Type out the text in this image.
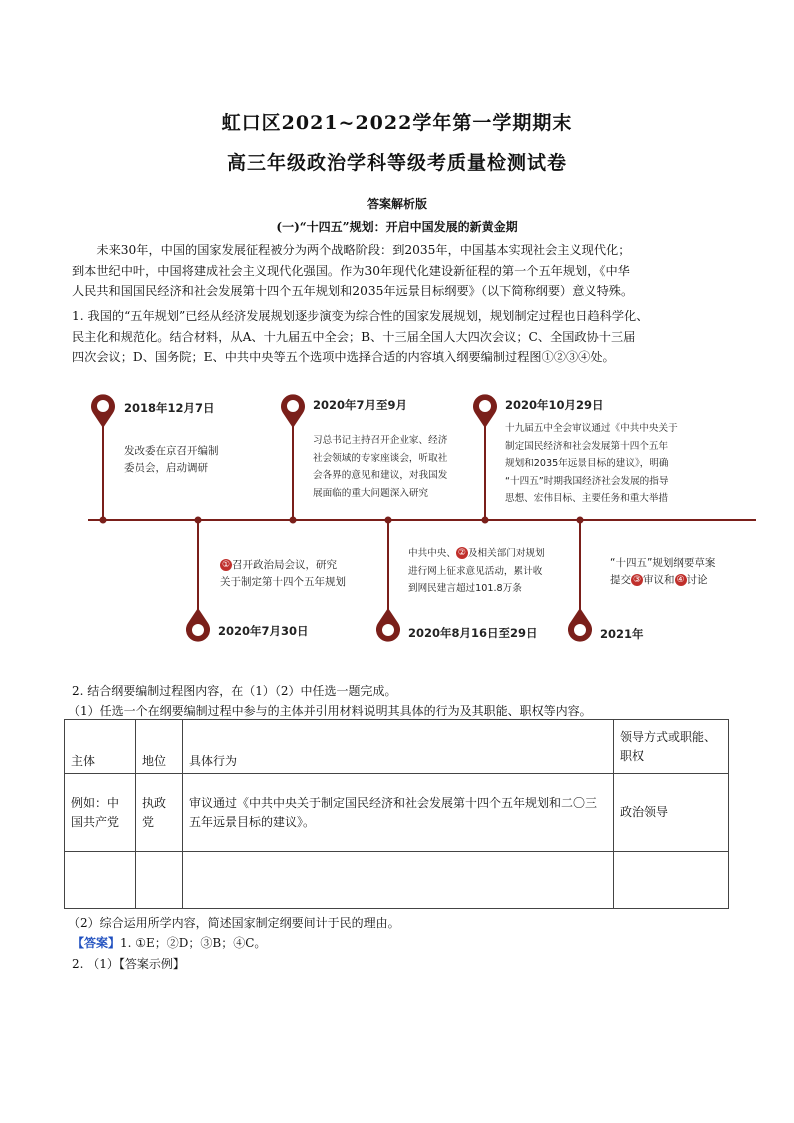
虹口区2021~2022学年第一学期期末
高三年级政治学科等级考质量检测试卷
答案解析版
(一)“十四五”规划：开启中国发展的新黄金期
未来30年，中国的国家发展征程被分为两个战略阶段：到2035年，中国基本实现社会主义现代化；
到本世纪中叶，中国将建成社会主义现代化强国。作为30年现代化建设新征程的第一个五年规划，《中华
人民共和国国民经济和社会发展第十四个五年规划和2035年远景目标纲要》（以下简称纲要）意义特殊。
1. 我国的“五年规划”已经从经济发展规划逐步演变为综合性的国家发展规划，规划制定过程也日趋科学化、
民主化和规范化。结合材料，从A、十九届五中全会；B、十三届全国人大四次会议；C、全国政协十三届
四次会议；D、国务院；E、中共中央等五个选项中选择合适的内容填入纲要编制过程图①②③④处。
2018年12月7日
发改委在京召开编制
委员会，启动调研
2020年7月至9月
习总书记主持召开企业家、经济
社会领域的专家座谈会，听取社
会各界的意见和建议，对我国发
展面临的重大问题深入研究
2020年10月29日
十九届五中全会审议通过《中共中央关于
制定国民经济和社会发展第十四个五年
规划和2035年远景目标的建议》，明确
“十四五”时期我国经济社会发展的指导
思想、宏伟目标、主要任务和重大举措
① 召开政治局会议，研究
关于制定第十四个五年规划
2020年7月30日
中共中央、 ② 及相关部门对规划
进行网上征求意见活动，累计收
到网民建言超过101.8万条
2020年8月16日至29日
“十四五”规划纲要草案
提交 ③ 审议和 ④ 讨论
2021年
2. 结合纲要编制过程图内容，在（1）（2）中任选一题完成。
（1）任选一个在纲要编制过程中参与的主体并引用材料说明其具体的行为及其职能、职权等内容。
主体	地位	具体行为	领导方式或职能、职权
例如：中国共产党	执政党	审议通过《中共中央关于制定国民经济和社会发展第十四个五年规划和二〇三五年远景目标的建议》。	政治领导

（2）综合运用所学内容，简述国家制定纲要间计于民的理由。
【答案】1. ①E；②D；③B；④C。
2. （1）【答案示例】
